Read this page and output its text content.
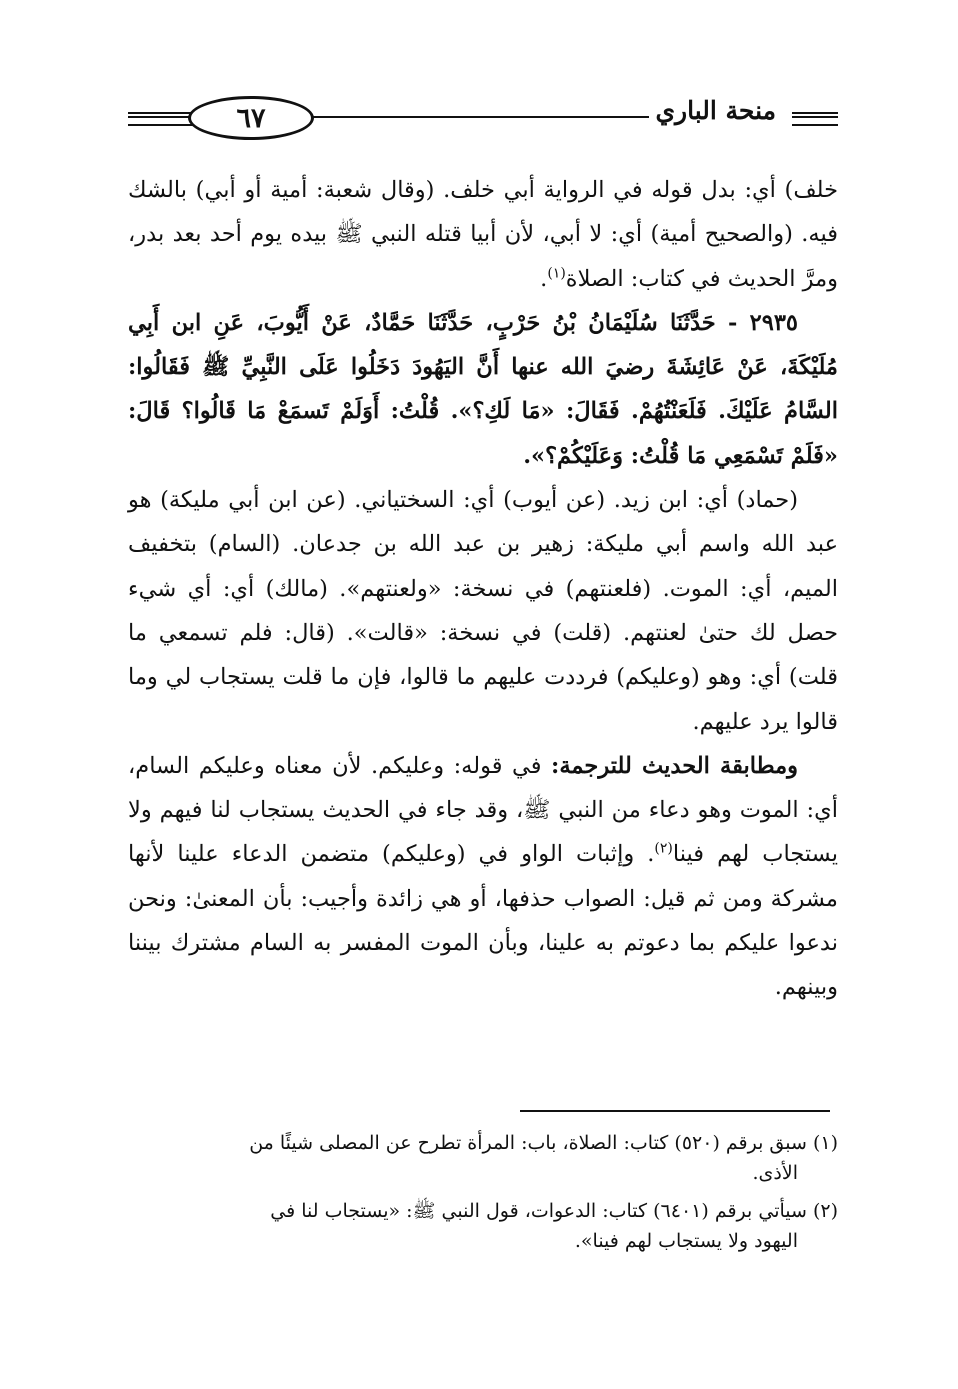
٦٧	منحة الباري

خلف) أي: بدل قوله في الرواية أبي خلف. (وقال شعبة: أمية أو أبي) بالشك فيه. (والصحيح أمية) أي: لا أبي، لأن أبيا قتله النبي ﷺ بيده يوم أحد بعد بدر، ومرَّ الحديث في كتاب: الصلاة$^{(١)}$.

٢٩٣٥ - حَدَّثَنَا سُلَيْمَانُ بْنُ حَرْبٍ، حَدَّثَنَا حَمَّادٌ، عَنْ أَيُّوبَ، عَنِ ابن أَبِي مُلَيْكَةَ، عَنْ عَائِشَةَ رضيَ الله عنها أَنَّ اليَهُودَ دَخَلُوا عَلَى النَّبِيِّ ﷺ فَقَالُوا: السَّامُ عَلَيْكَ. فَلَعَنْتُهُمْ. فَقَالَ: «مَا لَكِ؟». قُلْتُ: أَوَلَمْ تَسمَعْ مَا قَالُوا؟ قَالَ: «فَلَمْ تَسْمَعِي مَا قُلْتُ: وَعَلَيْكُمْ؟».

(حماد) أي: ابن زيد. (عن أيوب) أي: السختياني. (عن ابن أبي مليكة) هو عبد الله واسم أبي مليكة: زهير بن عبد الله بن جدعان. (السام) بتخفيف الميم، أي: الموت. (فلعنتهم) في نسخة: «ولعنتهم». (مالك) أي: أي شيء حصل لك حتىٰ لعنتهم. (قلت) في نسخة: «قالت». (قال: فلم تسمعي ما قلت) أي: وهو (وعليكم) فرددت عليهم ما قالوا، فإن ما قلت يستجاب لي وما قالوا يرد عليهم.

ومطابقة الحديث للترجمة: في قوله: وعليكم. لأن معناه وعليكم السام، أي: الموت وهو دعاء من النبي ﷺ، وقد جاء في الحديث يستجاب لنا فيهم ولا يستجاب لهم فينا$^{(٢)}$. وإثبات الواو في (وعليكم) متضمن الدعاء علينا لأنها مشركة ومن ثم قيل: الصواب حذفها، أو هي زائدة وأجيب: بأن المعنىٰ: ونحن ندعوا عليكم بما دعوتم به علينا، وبأن الموت المفسر به السام مشترك بيننا وبينهم.

(١)سبق برقم (٥٢٠) كتاب: الصلاة، باب: المرأة تطرح عن المصلى شيئًا من
الأذى.

(٢)سيأتي برقم (٦٤٠١) كتاب: الدعوات، قول النبي ﷺ: «يستجاب لنا في
اليهود ولا يستجاب لهم فينا».
